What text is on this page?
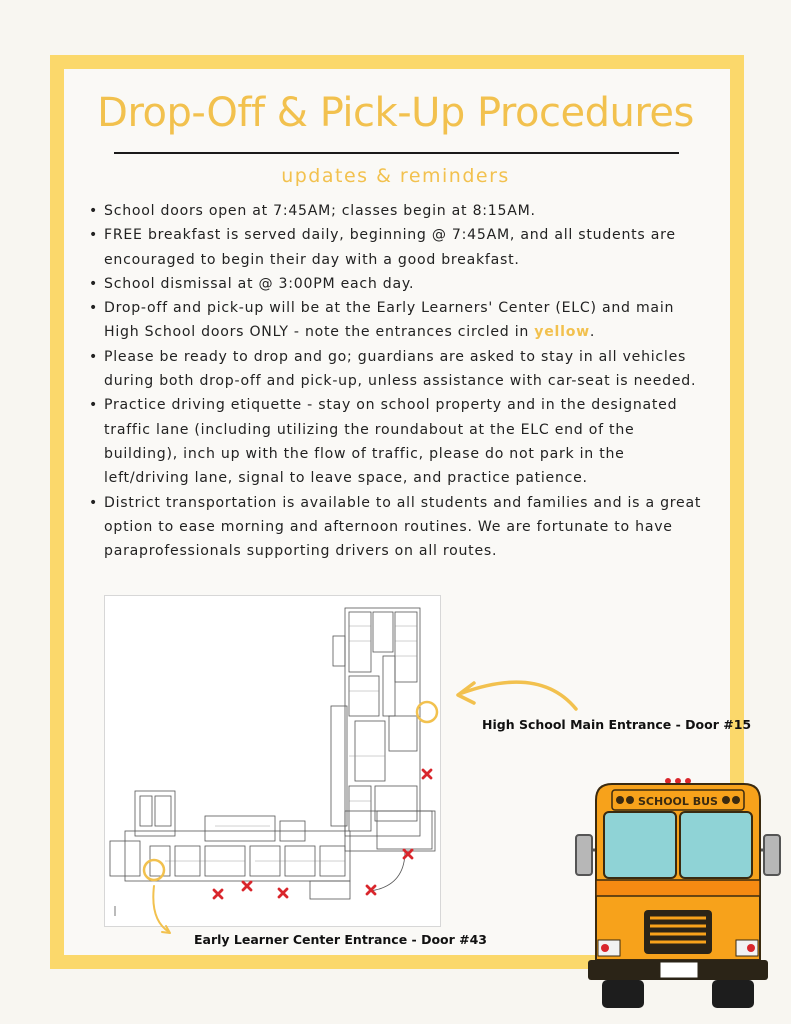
Drop-Off & Pick-Up Procedures
updates & reminders
• School doors open at 7:45AM; classes begin at 8:15AM.
• FREE breakfast is served daily, beginning @ 7:45AM, and all students are encouraged to begin their day with a good breakfast.
• School dismissal at @ 3:00PM each day.
• Drop-off and pick-up will be at the Early Learners' Center (ELC) and main High School doors ONLY - note the entrances circled in yellow.
• Please be ready to drop and go; guardians are asked to stay in all vehicles during both drop-off and pick-up, unless assistance with car-seat is needed.
• Practice driving etiquette - stay on school property and in the designated traffic lane (including utilizing the roundabout at the ELC end of the building), inch up with the flow of traffic, please do not park in the left/driving lane, signal to leave space, and practice patience.
• District transportation is available to all students and families and is a great option to ease morning and afternoon routines. We are fortunate to have paraprofessionals supporting drivers on all routes.
High School Main Entrance - Door #15
Early Learner Center Entrance - Door #43
SCHOOL BUS
